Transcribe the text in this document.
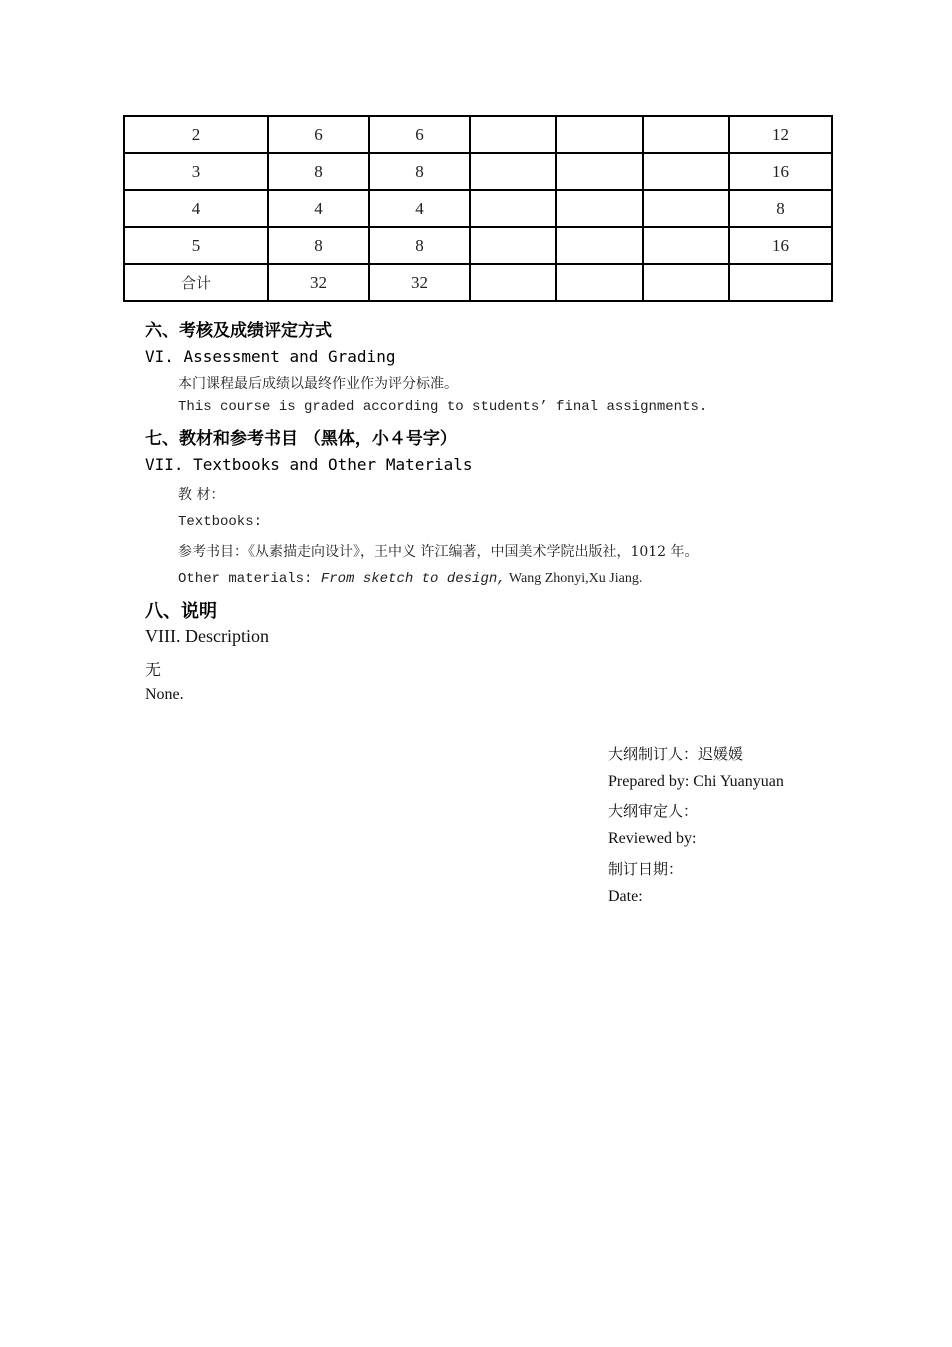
2	6	6				12
3	8	8				16
4	4	4				8
5	8	8				16
合计	32	32				
六、考核及成绩评定方式
VI. Assessment and Grading
本门课程最后成绩以最终作业作为评分标准。
This course is graded according to students’ final assignments.
七、教材和参考书目 （黑体，小４号字）
VII. Textbooks and Other Materials
教 材：
Textbooks:
参考书目：《从素描走向设计》，王中义 许江编著，中国美术学院出版社，1012 年。
Other materials: From sketch to design, Wang Zhonyi,Xu Jiang.
八、说明
VIII. Description
无
None.
大纲制订人：迟媛媛
Prepared by: Chi Yuanyuan
大纲审定人：
Reviewed by:
制订日期：
Date:
